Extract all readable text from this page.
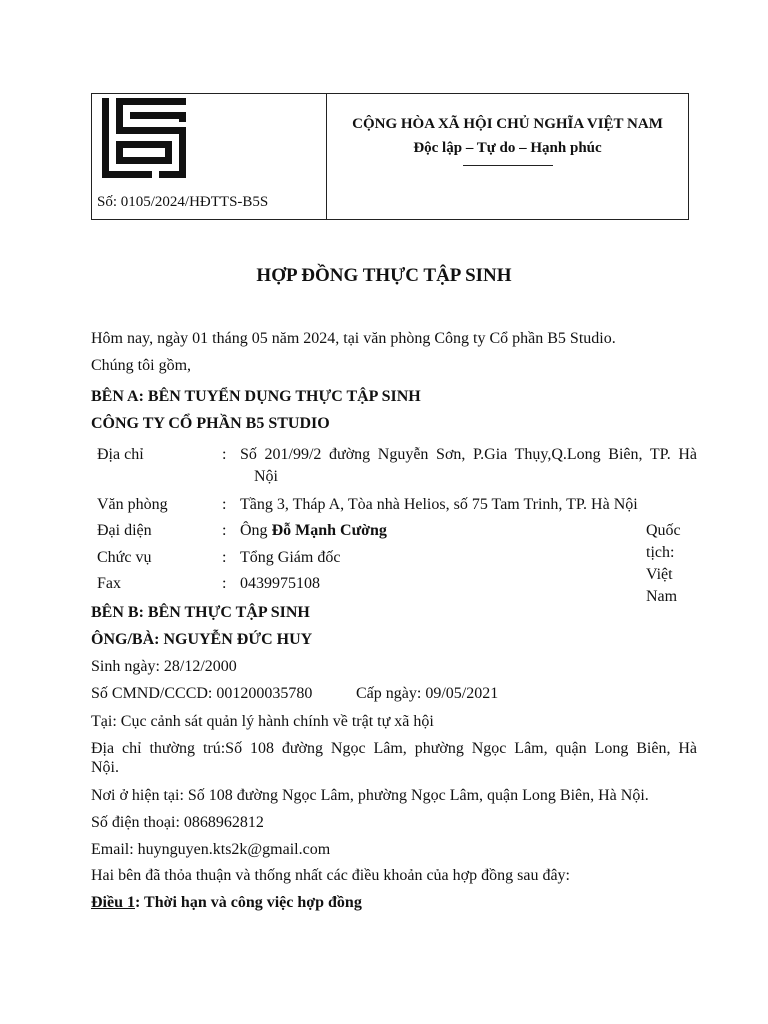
Số: 0105/2024/HĐTTS-B5S
CỘNG HÒA XÃ HỘI CHỦ NGHĨA VIỆT NAM
Độc lập – Tự do – Hạnh phúc
HỢP ĐỒNG THỰC TẬP SINH
Hôm nay, ngày 01 tháng 05 năm 2024, tại văn phòng Công ty Cổ phần B5 Studio.
Chúng tôi gồm,
BÊN A: BÊN TUYỂN DỤNG THỰC TẬP SINH
CÔNG TY CỔ PHẦN B5 STUDIO
Địa chỉ	: Số 201/99/2 đường Nguyễn Sơn, P.Gia Thụy,Q.Long Biên, TP. Hà
Nội
Văn phòng	: Tầng 3, Tháp A, Tòa nhà Helios, số 75 Tam Trinh, TP. Hà Nội
Đại diện	: Ông Đỗ Mạnh Cường	Quốc tịch: Việt Nam
Chức vụ	: Tổng Giám đốc
Fax	: 0439975108
BÊN B: BÊN THỰC TẬP SINH
ÔNG/BÀ: NGUYỄN ĐỨC HUY
Sinh ngày: 28/12/2000
Số CMND/CCCD: 001200035780	Cấp ngày: 09/05/2021
Tại: Cục cảnh sát quản lý hành chính về trật tự xã hội
Địa chỉ thường trú:Số 108 đường Ngọc Lâm, phường Ngọc Lâm, quận Long Biên, Hà
Nội.
Nơi ở hiện tại: Số 108 đường Ngọc Lâm, phường Ngọc Lâm, quận Long Biên, Hà Nội.
Số điện thoại: 0868962812
Email: huynguyen.kts2k@gmail.com
Hai bên đã thỏa thuận và thống nhất các điều khoản của hợp đồng sau đây:
Điều 1: Thời hạn và công việc hợp đồng
